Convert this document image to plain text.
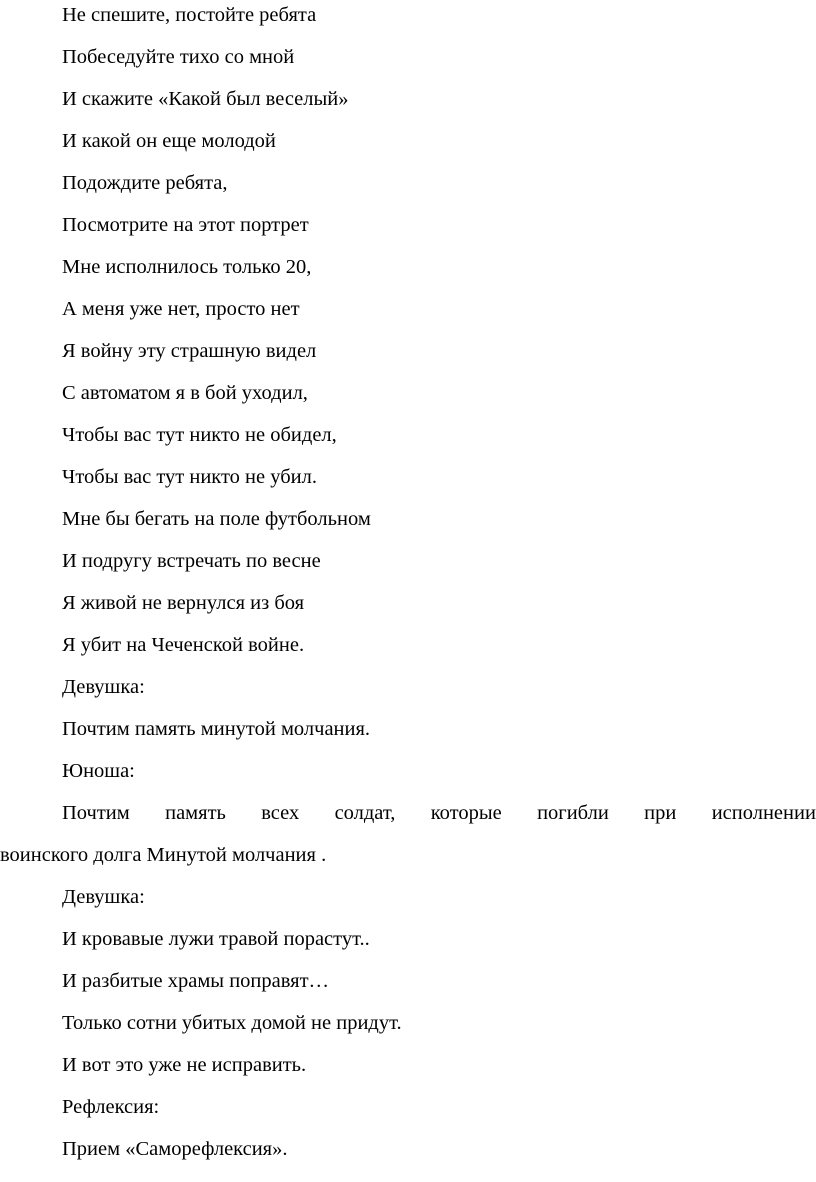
Не спешите, постойте ребята
Побеседуйте тихо со мной
И скажите «Какой был веселый»
И какой он еще молодой
Подождите ребята,
Посмотрите на этот портрет
Мне исполнилось только 20,
А меня уже нет, просто нет
Я войну эту страшную видел
С автоматом я в бой уходил,
Чтобы вас тут никто не обидел,
Чтобы вас тут никто не убил.
Мне бы бегать на поле футбольном
И подругу встречать по весне
Я живой не вернулся из боя
Я убит на Чеченской войне.
Девушка:
Почтим память минутой молчания.
Юноша:
Почтим память всех солдат, которые погибли при исполнении
воинского долга Минутой молчания .
Девушка:
И кровавые лужи травой порастут..
И разбитые храмы поправят…
Только сотни убитых домой не придут.
И вот это уже не исправить.
Рефлексия:
Прием «Саморефлексия».
